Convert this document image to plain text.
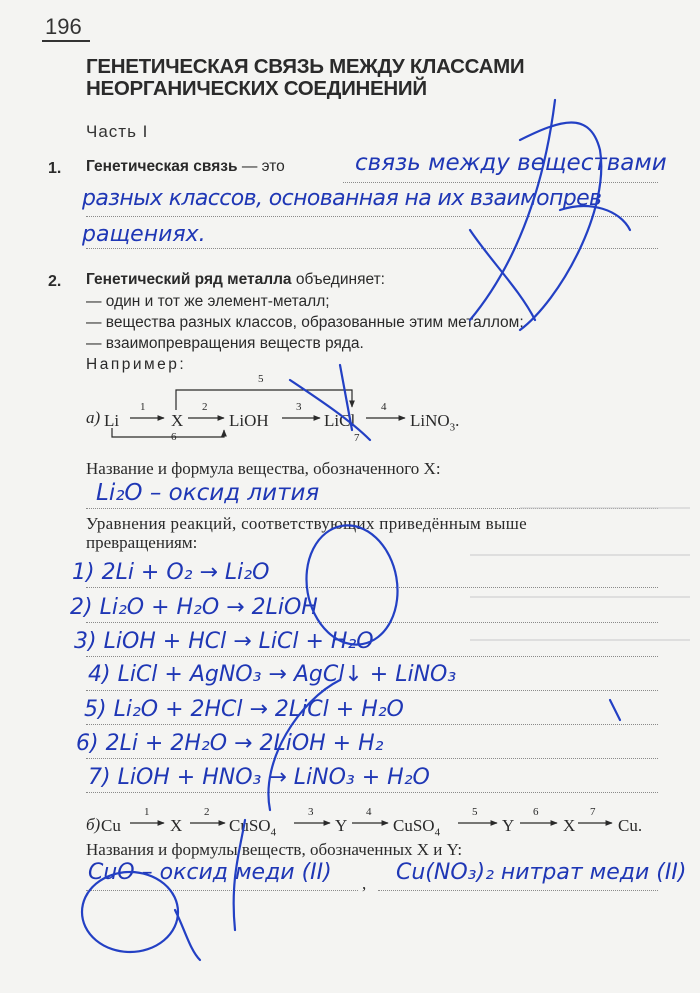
196
ГЕНЕТИЧЕСКАЯ СВЯЗЬ МЕЖДУ КЛАССАМИ
НЕОРГАНИЧЕСКИХ СОЕДИНЕНИЙ
Часть I
1. Генетическая связь — это	связь между веществами
разных классов, основанная на их взаимопрев
ращениях.
2. Генетический ряд металла объединяет:
— один и тот же элемент-металл;
— вещества разных классов, образованные этим металлом;
— взаимопревращения веществ ряда.
Например:
а) Li	X	LiOH	LiCl	LiNO$_3$.
1	2	3	4
5
6	7
Название и формула вещества, обозначенного X:
Li₂O – оксид лития
Уравнения реакций, соответствующих приведённым выше
превращениям:
1) 2Li + O₂ → Li₂O
2) Li₂O + H₂O → 2LiOH
3) LiOH + HCl → LiCl + H₂O
4) LiCl + AgNO₃ → AgCl↓ + LiNO₃
5) Li₂O + 2HCl → 2LiCl + H₂O
6) 2Li + 2H₂O → 2LiOH + H₂
7) LiOH + HNO₃ → LiNO₃ + H₂O
б) Cu	X	CuSO$_4$	Y	CuSO$_4$	Y	X	Cu.
1	2	3	4	5	6	7
Названия и формулы веществ, обозначенных X и Y:
,
CuO – оксид меди (II)	Cu(NO₃)₂ нитрат меди (II)
